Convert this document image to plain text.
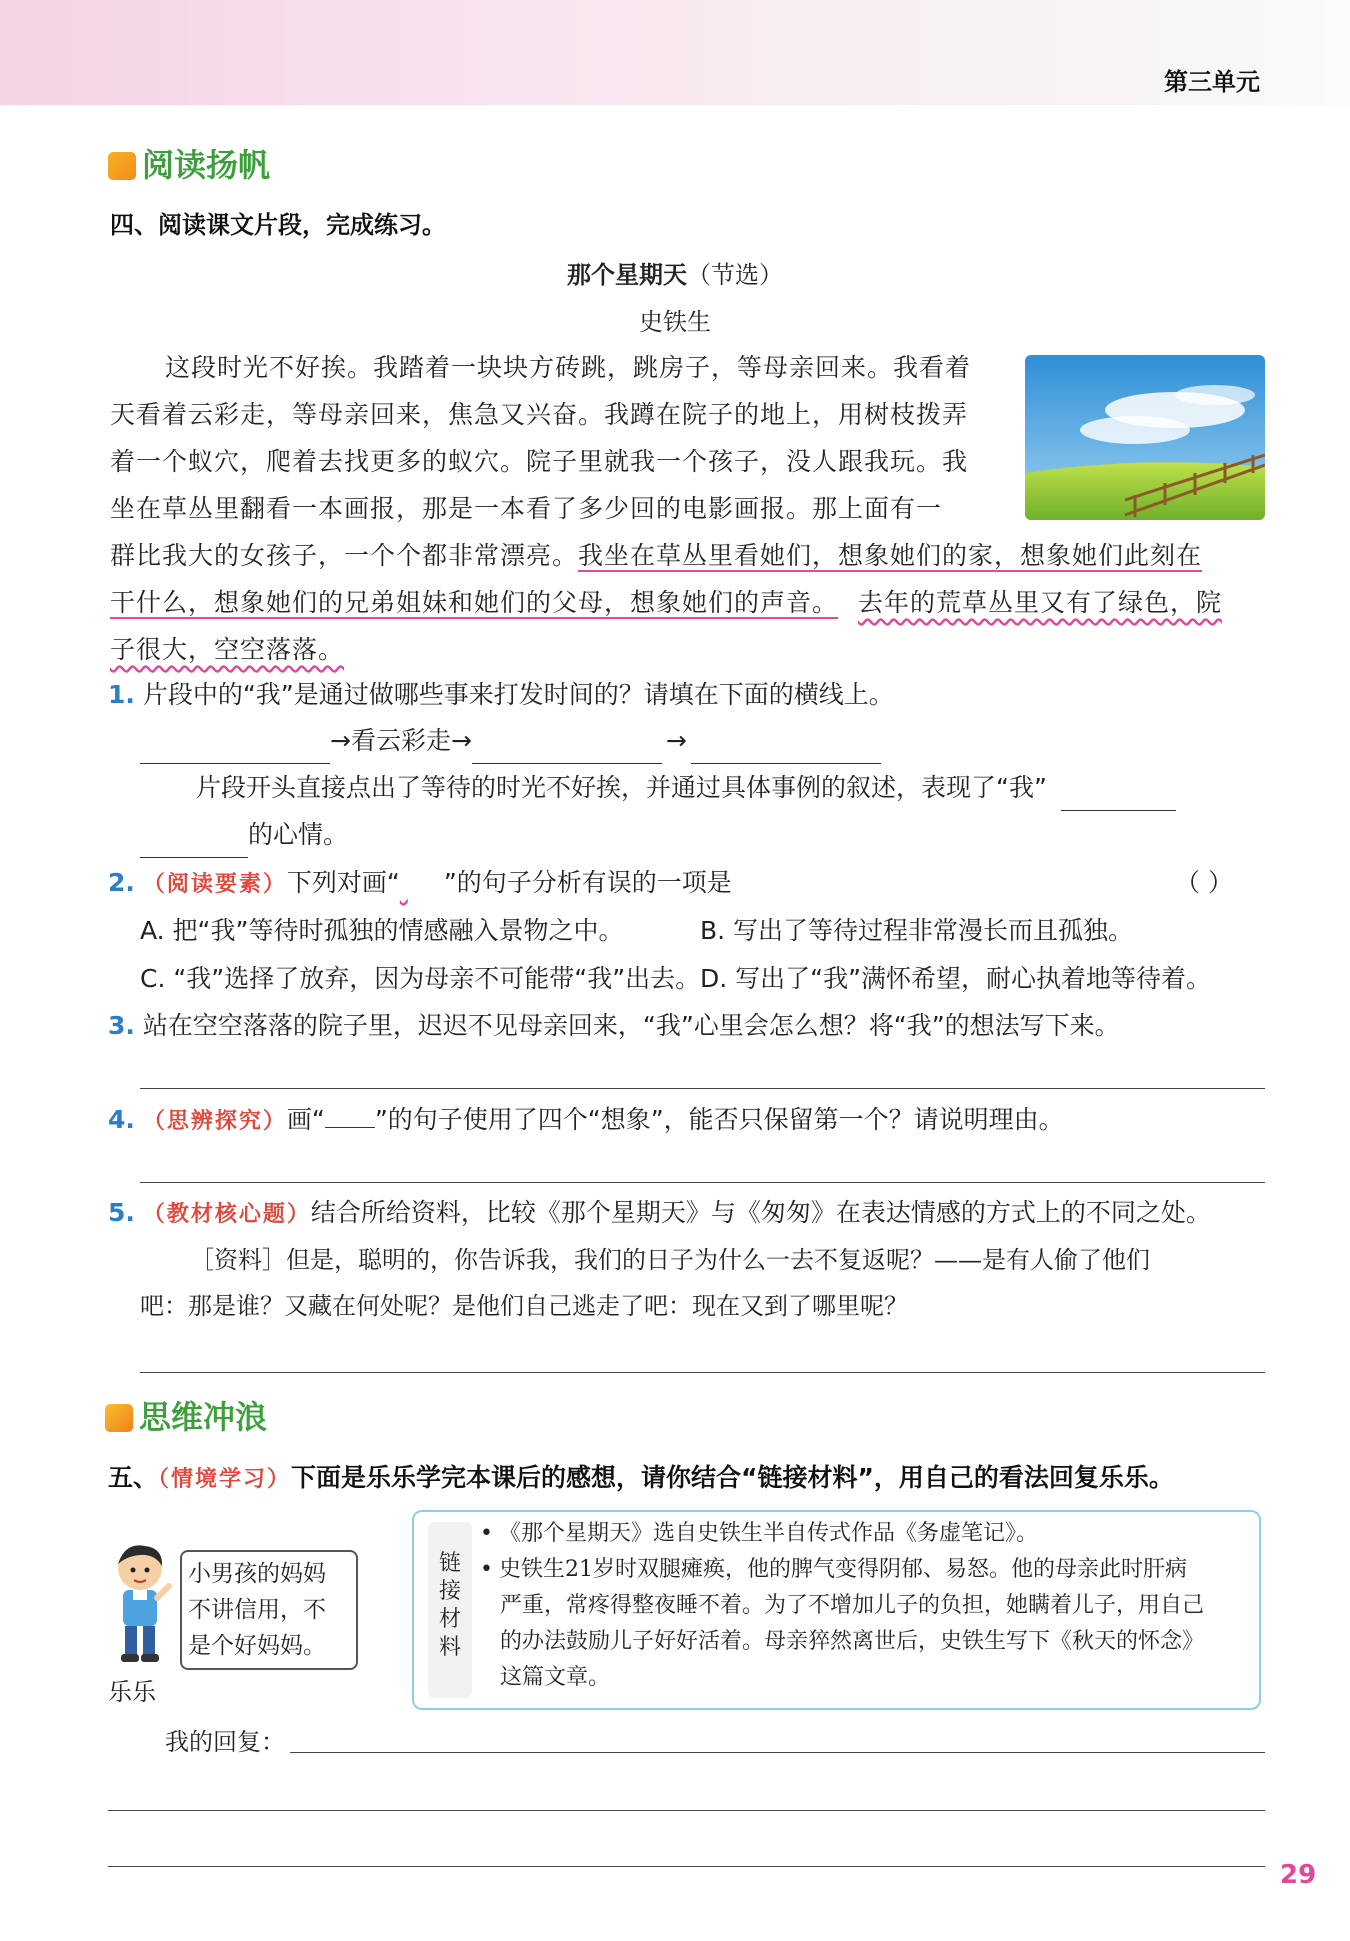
第三单元
阅读扬帆
四、阅读课文片段，完成练习。
那个星期天（节选）
史铁生
这段时光不好挨。我踏着一块块方砖跳，跳房子，等母亲回来。我看着
天看着云彩走，等母亲回来，焦急又兴奋。我蹲在院子的地上，用树枝拨弄
着一个蚁穴，爬着去找更多的蚁穴。院子里就我一个孩子，没人跟我玩。我
坐在草丛里翻看一本画报，那是一本看了多少回的电影画报。那上面有一
群比我大的女孩子，一个个都非常漂亮。我坐在草丛里看她们，想象她们的家，想象她们此刻在
干什么，想象她们的兄弟姐妹和她们的父母，想象她们的声音。 去年的荒草丛里又有了绿色，院
子很大，空空落落。
1. 片段中的“我”是通过做哪些事来打发时间的？请填在下面的横线上。
→看云彩走→	→
片段开头直接点出了等待的时光不好挨，并通过具体事例的叙述，表现了“我”
的心情。
2. （阅读要素）下列对画“ ”的句子分析有误的一项是	（ ）
A. 把“我”等待时孤独的情感融入景物之中。	B. 写出了等待过程非常漫长而且孤独。
C. “我”选择了放弃，因为母亲不可能带“我”出去。 D. 写出了“我”满怀希望，耐心执着地等待着。
3. 站在空空落落的院子里，迟迟不见母亲回来，“我”心里会怎么想？将“我”的想法写下来。
4. （思辨探究）画“ ”的句子使用了四个“想象”，能否只保留第一个？请说明理由。
5. （教材核心题）结合所给资料，比较《那个星期天》与《匆匆》在表达情感的方式上的不同之处。
［资料］但是，聪明的，你告诉我，我们的日子为什么一去不复返呢？——是有人偷了他们
吧：那是谁？又藏在何处呢？是他们自己逃走了吧：现在又到了哪里呢？
思维冲浪
五、（情境学习）下面是乐乐学完本课后的感想，请你结合“链接材料”，用自己的看法回复乐乐。
乐乐
小男孩的妈妈
不讲信用，不
是个好妈妈。
链
接
材
料
• 《那个星期天》选自史铁生半自传式作品《务虚笔记》。
• 史铁生21岁时双腿瘫痪，他的脾气变得阴郁、易怒。他的母亲此时肝病
严重，常疼得整夜睡不着。为了不增加儿子的负担，她瞒着儿子，用自己
的办法鼓励儿子好好活着。母亲猝然离世后，史铁生写下《秋天的怀念》
这篇文章。
我的回复：
29
